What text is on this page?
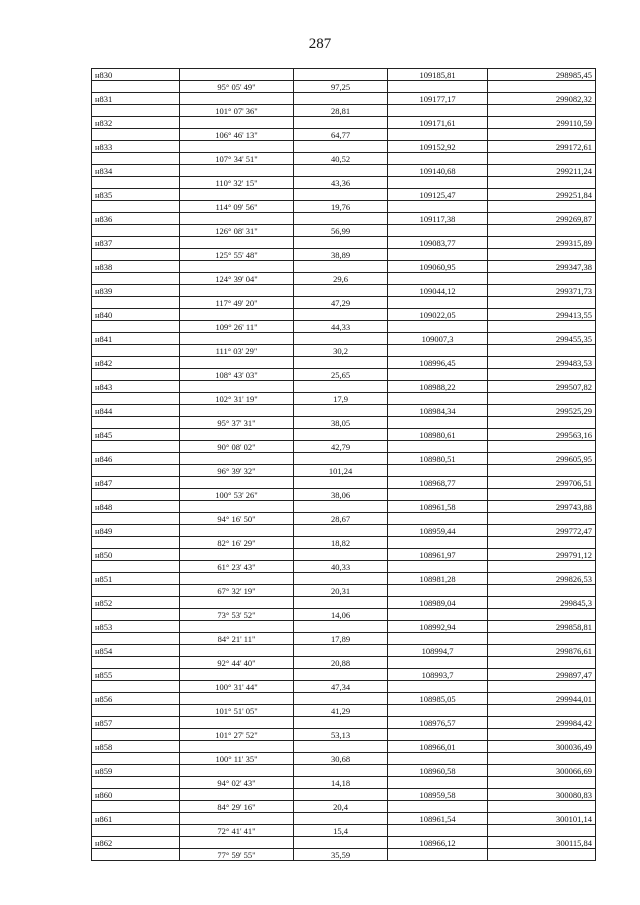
287
н830			109185,81	298985,45
	95° 05' 49"	97,25		
н831			109177,17	299082,32
	101° 07' 36"	28,81		
н832			109171,61	299110,59
	106° 46' 13"	64,77		
н833			109152,92	299172,61
	107° 34' 51"	40,52		
н834			109140,68	299211,24
	110° 32' 15"	43,36		
н835			109125,47	299251,84
	114° 09' 56"	19,76		
н836			109117,38	299269,87
	126° 08' 31"	56,99		
н837			109083,77	299315,89
	125° 55' 48"	38,89		
н838			109060,95	299347,38
	124° 39' 04"	29,6		
н839			109044,12	299371,73
	117° 49' 20"	47,29		
н840			109022,05	299413,55
	109° 26' 11"	44,33		
н841			109007,3	299455,35
	111° 03' 29"	30,2		
н842			108996,45	299483,53
	108° 43' 03"	25,65		
н843			108988,22	299507,82
	102° 31' 19"	17,9		
н844			108984,34	299525,29
	95° 37' 31"	38,05		
н845			108980,61	299563,16
	90° 08' 02"	42,79		
н846			108980,51	299605,95
	96° 39' 32"	101,24		
н847			108968,77	299706,51
	100° 53' 26"	38,06		
н848			108961,58	299743,88
	94° 16' 50"	28,67		
н849			108959,44	299772,47
	82° 16' 29"	18,82		
н850			108961,97	299791,12
	61° 23' 43"	40,33		
н851			108981,28	299826,53
	67° 32' 19"	20,31		
н852			108989,04	299845,3
	73° 53' 52"	14,06		
н853			108992,94	299858,81
	84° 21' 11"	17,89		
н854			108994,7	299876,61
	92° 44' 40"	20,88		
н855			108993,7	299897,47
	100° 31' 44"	47,34		
н856			108985,05	299944,01
	101° 51' 05"	41,29		
н857			108976,57	299984,42
	101° 27' 52"	53,13		
н858			108966,01	300036,49
	100° 11' 35"	30,68		
н859			108960,58	300066,69
	94° 02' 43"	14,18		
н860			108959,58	300080,83
	84° 29' 16"	20,4		
н861			108961,54	300101,14
	72° 41' 41"	15,4		
н862			108966,12	300115,84
	77° 59' 55"	35,59		
